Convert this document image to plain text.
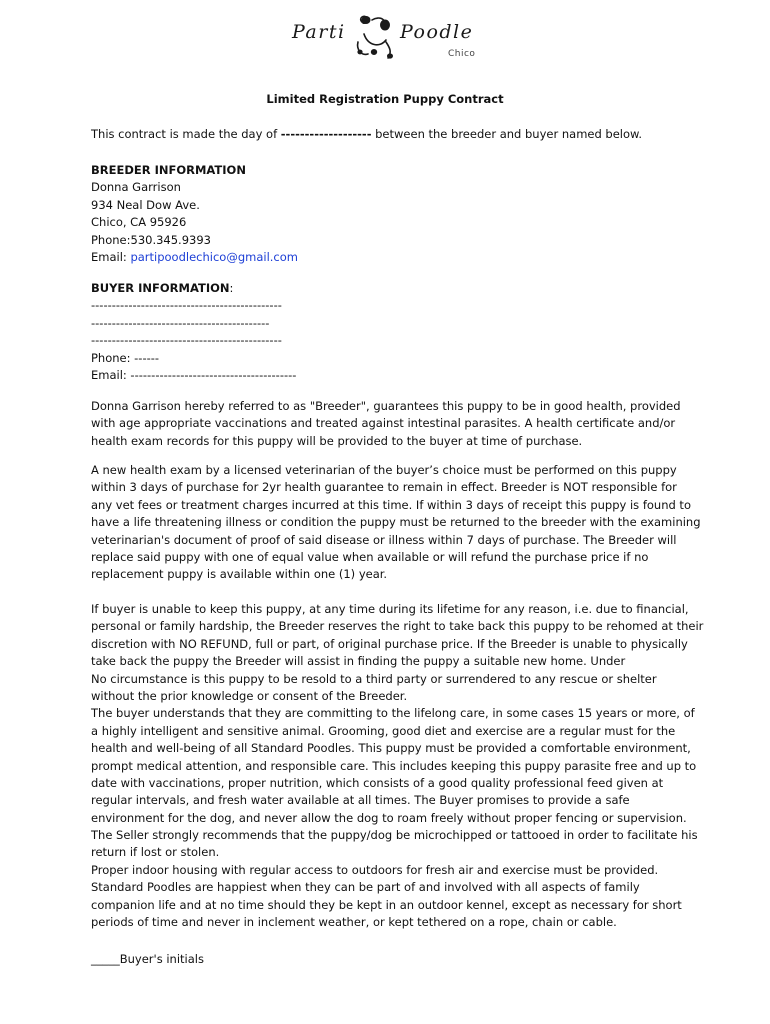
Parti	Poodle
Chico
Limited Registration Puppy Contract
This contract is made the day of ------------------- between the breeder and buyer named below.
BREEDER INFORMATION
Donna Garrison
934 Neal Dow Ave.
Chico, CA 95926
Phone:530.345.9393
Email: partipoodlechico@gmail.com
BUYER INFORMATION:
----------------------------------------------
-------------------------------------------
----------------------------------------------
Phone: ------
Email: ----------------------------------------
Donna Garrison hereby referred to as "Breeder", guarantees this puppy to be in good health, provided
with age appropriate vaccinations and treated against intestinal parasites. A health certificate and/or
health exam records for this puppy will be provided to the buyer at time of purchase.
A new health exam by a licensed veterinarian of the buyer’s choice must be performed on this puppy
within 3 days of purchase for 2yr health guarantee to remain in effect. Breeder is NOT responsible for
any vet fees or treatment charges incurred at this time. If within 3 days of receipt this puppy is found to
have a life threatening illness or condition the puppy must be returned to the breeder with the examining
veterinarian's document of proof of said disease or illness within 7 days of purchase. The Breeder will
replace said puppy with one of equal value when available or will refund the purchase price if no
replacement puppy is available within one (1) year.
If buyer is unable to keep this puppy, at any time during its lifetime for any reason, i.e. due to financial,
personal or family hardship, the Breeder reserves the right to take back this puppy to be rehomed at their
discretion with NO REFUND, full or part, of original purchase price. If the Breeder is unable to physically
take back the puppy the Breeder will assist in finding the puppy a suitable new home. Under
No circumstance is this puppy to be resold to a third party or surrendered to any rescue or shelter
without the prior knowledge or consent of the Breeder.
The buyer understands that they are committing to the lifelong care, in some cases 15 years or more, of
a highly intelligent and sensitive animal. Grooming, good diet and exercise are a regular must for the
health and well-being of all Standard Poodles. This puppy must be provided a comfortable environment,
prompt medical attention, and responsible care. This includes keeping this puppy parasite free and up to
date with vaccinations, proper nutrition, which consists of a good quality professional feed given at
regular intervals, and fresh water available at all times. The Buyer promises to provide a safe
environment for the dog, and never allow the dog to roam freely without proper fencing or supervision.
The Seller strongly recommends that the puppy/dog be microchipped or tattooed in order to facilitate his
return if lost or stolen.
Proper indoor housing with regular access to outdoors for fresh air and exercise must be provided.
Standard Poodles are happiest when they can be part of and involved with all aspects of family
companion life and at no time should they be kept in an outdoor kennel, except as necessary for short
periods of time and never in inclement weather, or kept tethered on a rope, chain or cable.
_____Buyer's initials
